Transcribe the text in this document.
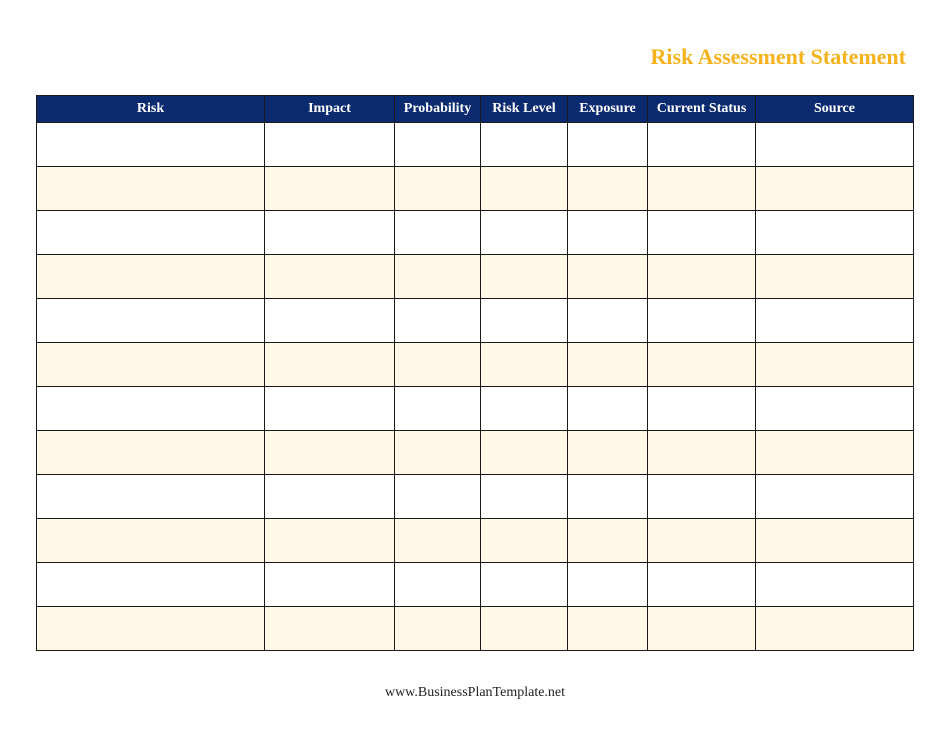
Risk Assessment Statement
Risk	Impact	Probability	Risk Level	Exposure	Current Status	Source

www.BusinessPlanTemplate.net
